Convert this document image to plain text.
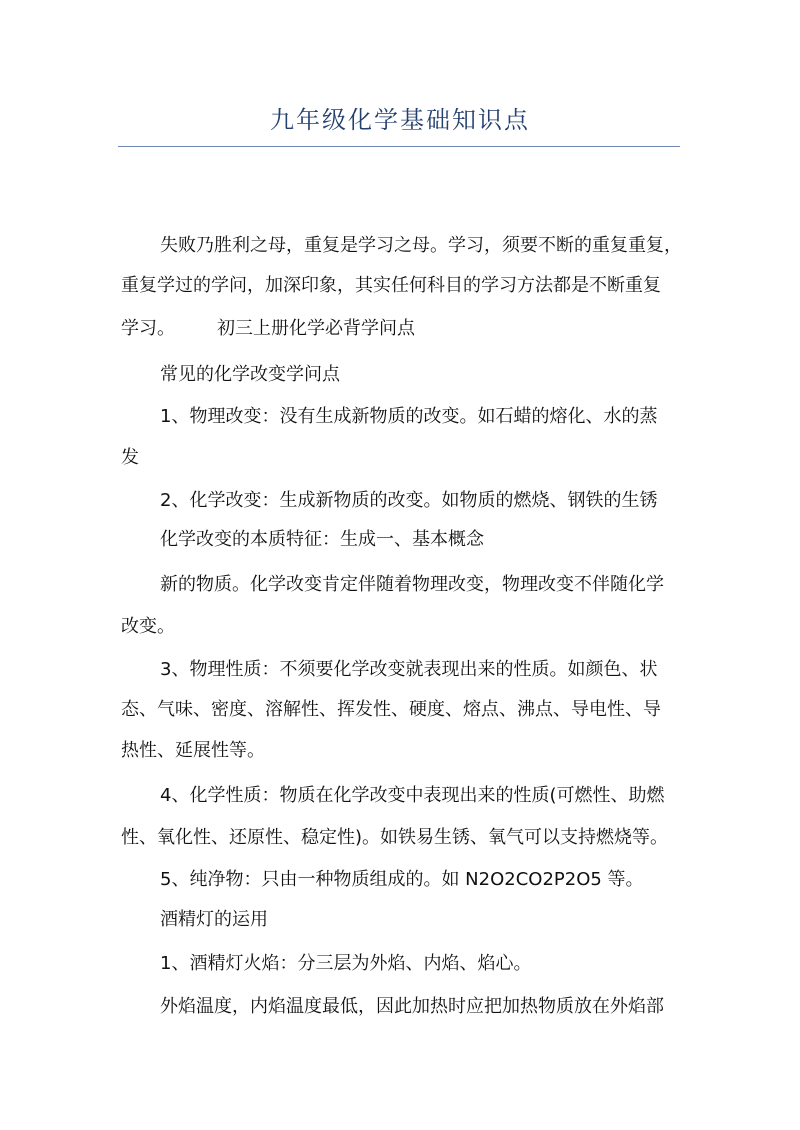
九年级化学基础知识点
失败乃胜利之母，重复是学习之母。学习，须要不断的重复重复，
重复学过的学问，加深印象，其实任何科目的学习方法都是不断重复
学习。 初三上册化学必背学问点
常见的化学改变学问点
1、物理改变：没有生成新物质的改变。如石蜡的熔化、水的蒸
发
2、化学改变：生成新物质的改变。如物质的燃烧、钢铁的生锈
化学改变的本质特征：生成一、基本概念
新的物质。化学改变肯定伴随着物理改变，物理改变不伴随化学
改变。
3、物理性质：不须要化学改变就表现出来的性质。如颜色、状
态、气味、密度、溶解性、挥发性、硬度、熔点、沸点、导电性、导
热性、延展性等。
4、化学性质：物质在化学改变中表现出来的性质(可燃性、助燃
性、氧化性、还原性、稳定性)。如铁易生锈、氧气可以支持燃烧等。
5、纯净物：只由一种物质组成的。如 N2O2CO2P2O5 等。
酒精灯的运用
1、酒精灯火焰：分三层为外焰、内焰、焰心。
外焰温度，内焰温度最低，因此加热时应把加热物质放在外焰部
